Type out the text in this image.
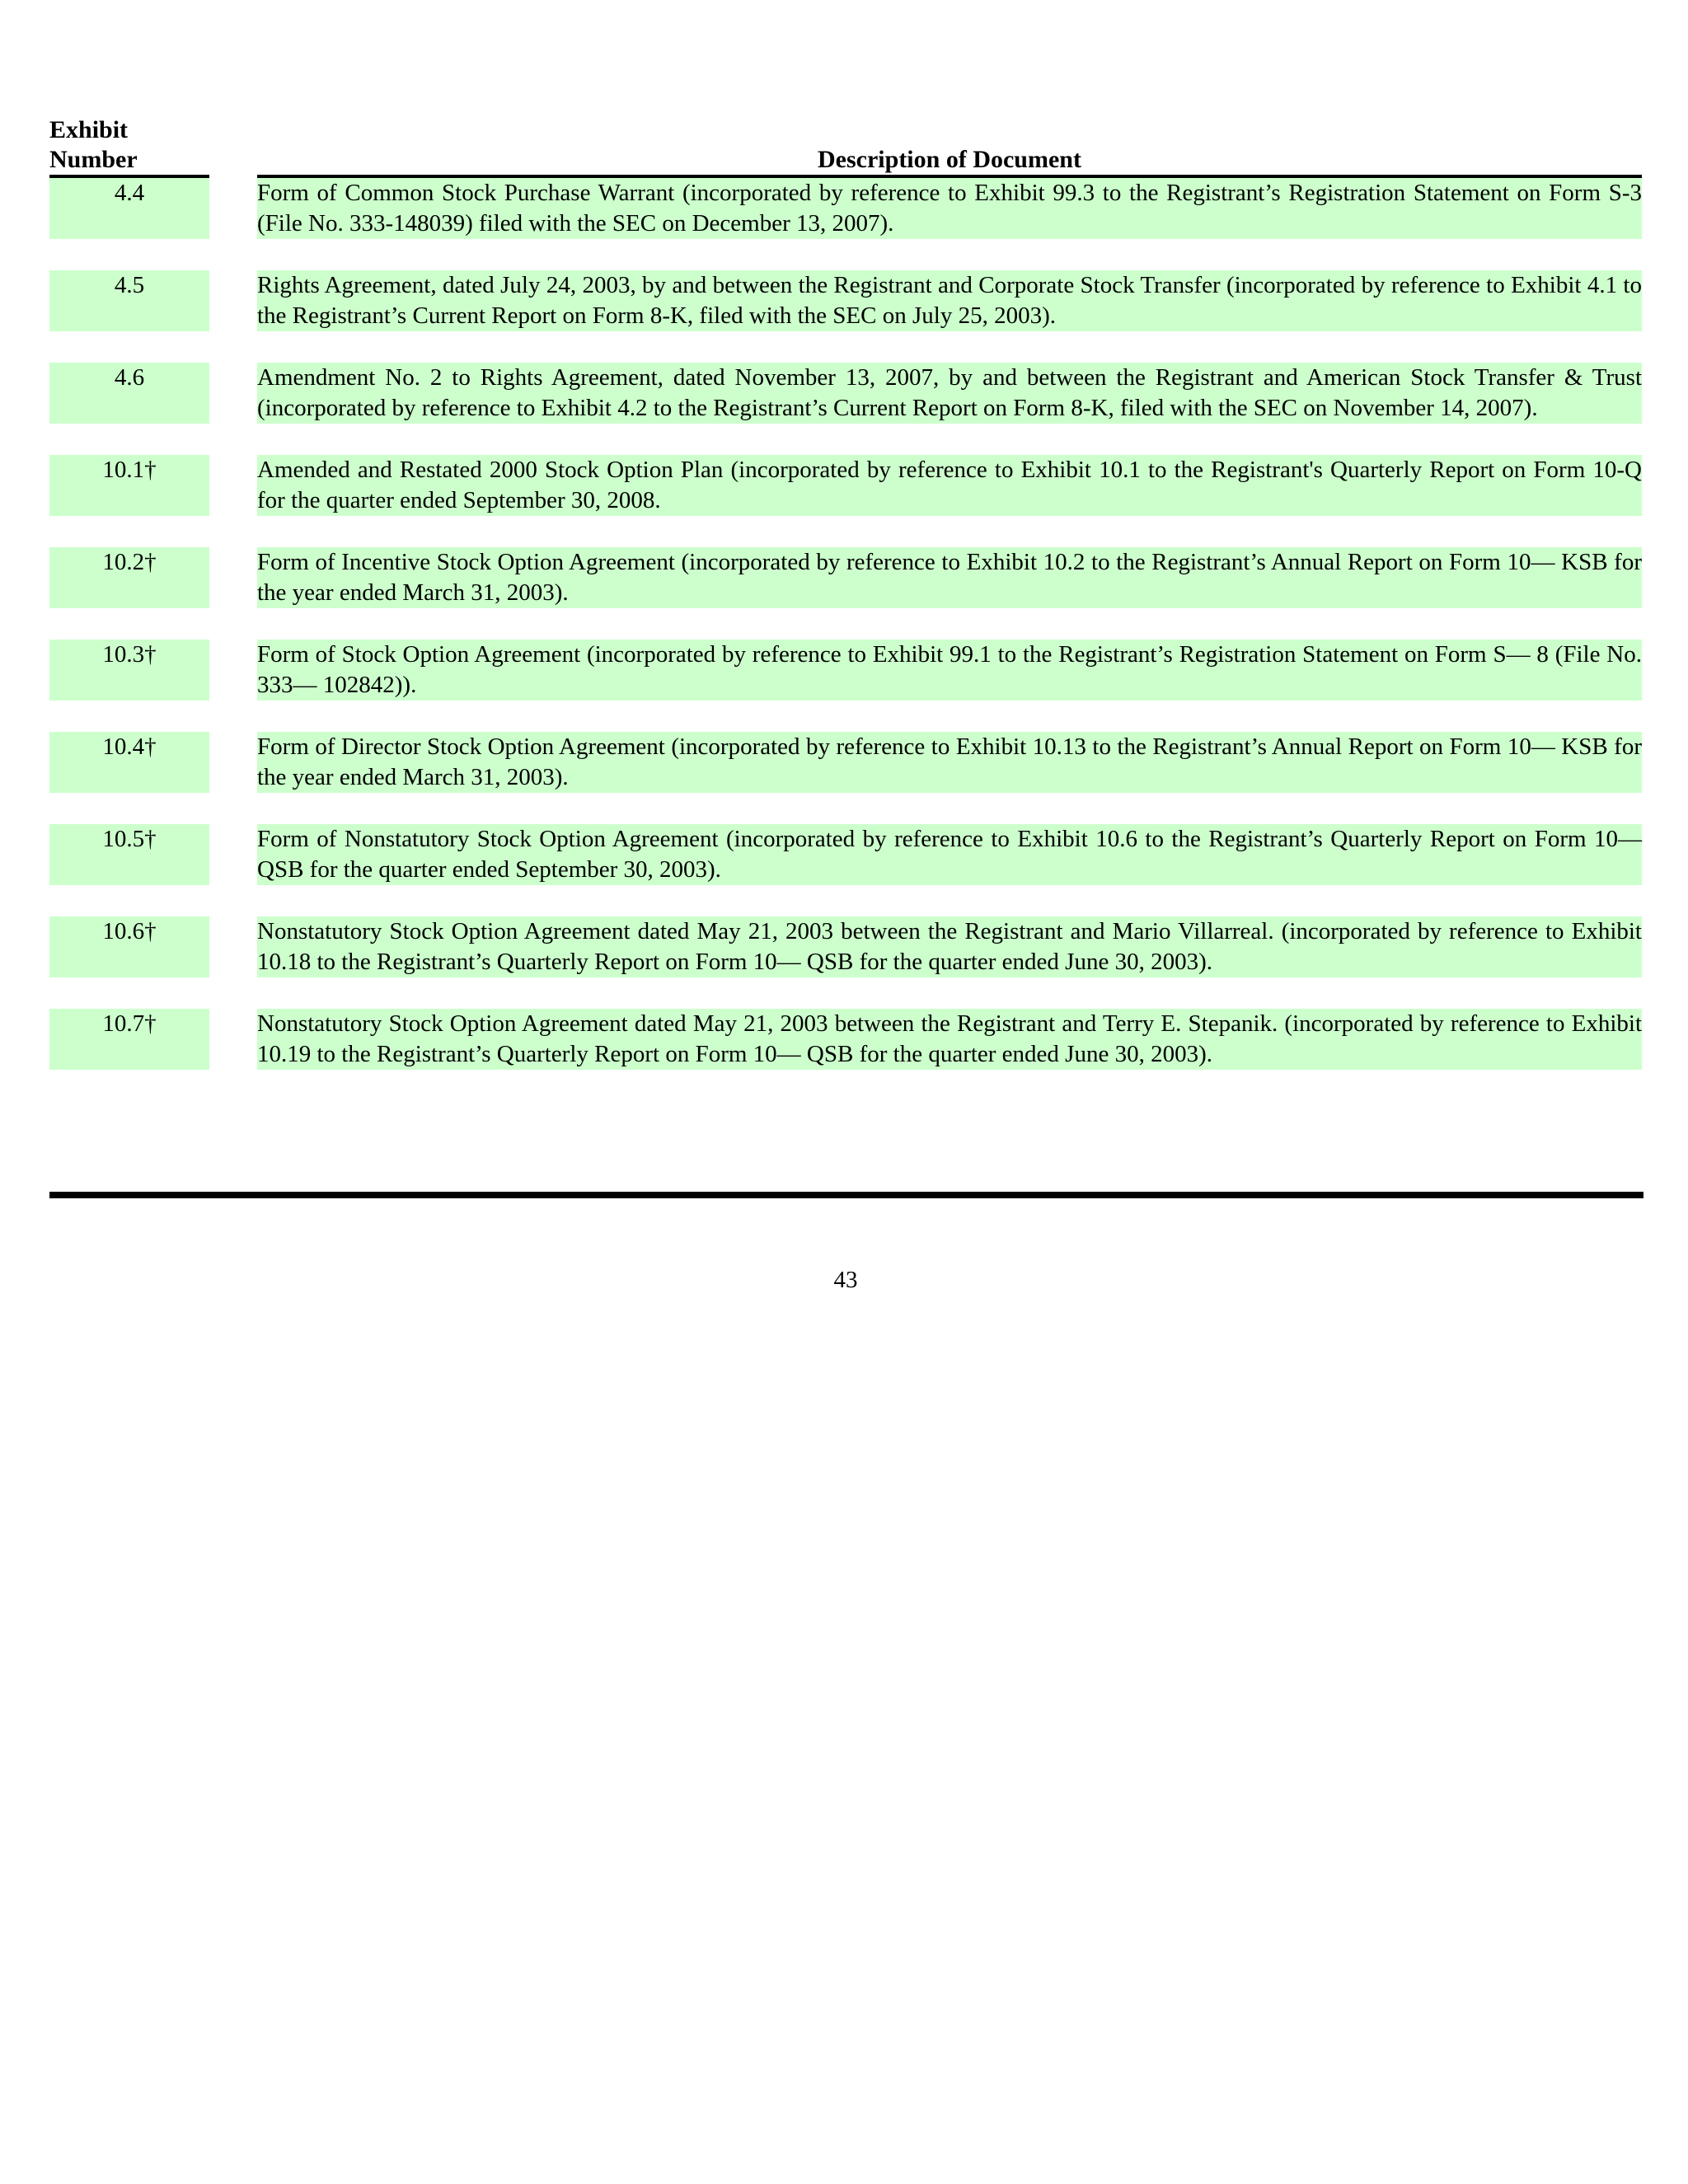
Exhibit
Number	Description of Document
4.4	Form of Common Stock Purchase Warrant (incorporated by reference to Exhibit 99.3 to the Registrant’s Registration Statement on Form S-3 (File No. 333-148039) filed with the SEC on December 13, 2007).
4.5	Rights Agreement, dated July 24, 2003, by and between the Registrant and Corporate Stock Transfer (incorporated by reference to Exhibit 4.1 to the Registrant’s Current Report on Form 8-K, filed with the SEC on July 25, 2003).
4.6	Amendment No. 2 to Rights Agreement, dated November 13, 2007, by and between the Registrant and American Stock Transfer & Trust (incorporated by reference to Exhibit 4.2 to the Registrant’s Current Report on Form 8-K, filed with the SEC on November 14, 2007).
10.1†	Amended and Restated 2000 Stock Option Plan (incorporated by reference to Exhibit 10.1 to the Registrant's Quarterly Report on Form 10-Q for the quarter ended September 30, 2008.
10.2†	Form of Incentive Stock Option Agreement (incorporated by reference to Exhibit 10.2 to the Registrant’s Annual Report on Form 10— KSB for the year ended March 31, 2003).
10.3†	Form of Stock Option Agreement (incorporated by reference to Exhibit 99.1 to the Registrant’s Registration Statement on Form S— 8 (File No. 333— 102842)).
10.4†	Form of Director Stock Option Agreement (incorporated by reference to Exhibit 10.13 to the Registrant’s Annual Report on Form 10— KSB for the year ended March 31, 2003).
10.5†	Form of Nonstatutory Stock Option Agreement (incorporated by reference to Exhibit 10.6 to the Registrant’s Quarterly Report on Form 10— QSB for the quarter ended September 30, 2003).
10.6†	Nonstatutory Stock Option Agreement dated May 21, 2003 between the Registrant and Mario Villarreal. (incorporated by reference to Exhibit 10.18 to the Registrant’s Quarterly Report on Form 10— QSB for the quarter ended June 30, 2003).
10.7†	Nonstatutory Stock Option Agreement dated May 21, 2003 between the Registrant and Terry E. Stepanik. (incorporated by reference to Exhibit 10.19 to the Registrant’s Quarterly Report on Form 10— QSB for the quarter ended June 30, 2003).
43
